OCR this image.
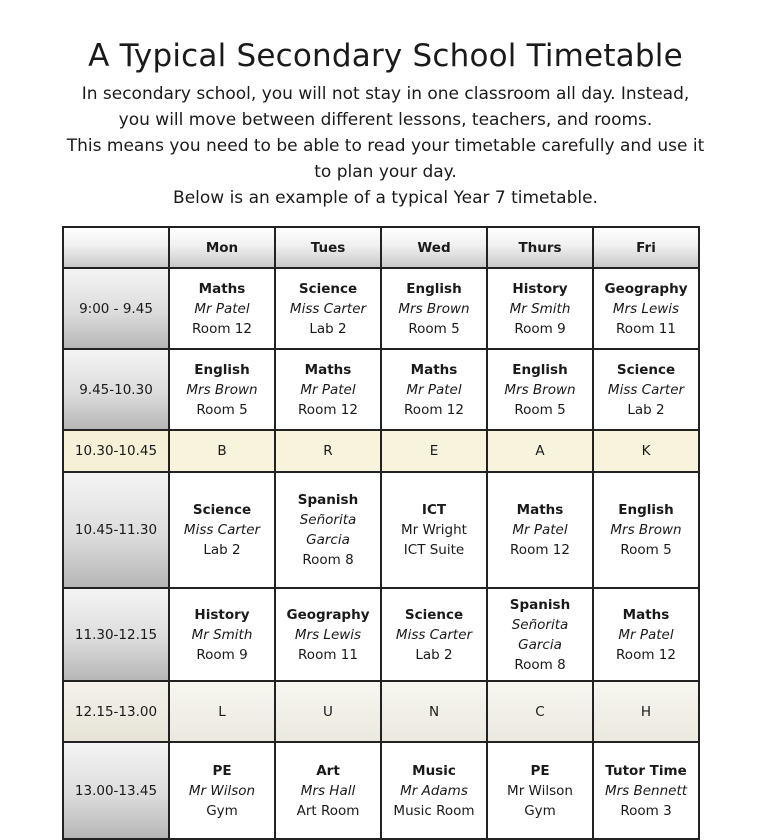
A Typical Secondary School Timetable

In secondary school, you will not stay in one classroom all day. Instead, you will move between different lessons, teachers, and rooms.

This means you need to be able to read your timetable carefully and use it to plan your day.

Below is an example of a typical Year 7 timetable.

	Mon	Tues	Wed	Thurs	Fri
9:00 - 9.45	Maths
Mr Patel
Room 12	Science
Miss Carter
Lab 2	English
Mrs Brown
Room 5	History
Mr Smith
Room 9	Geography
Mrs Lewis
Room 11

9.45-10.30	English
Mrs Brown
Room 5	Maths
Mr Patel
Room 12	Maths
Mr Patel
Room 12	English
Mrs Brown
Room 5	Science
Miss Carter
Lab 2

10.30-10.45	B	R	E	A	K
10.45-11.30	Science
Miss Carter
Lab 2	Spanish
Señorita Garcia
Room 8	ICT
Mr Wright
ICT Suite	Maths
Mr Patel
Room 12	English
Mrs Brown
Room 5

11.30-12.15	History
Mr Smith
Room 9	Geography
Mrs Lewis
Room 11	Science
Miss Carter
Lab 2	Spanish
Señorita Garcia
Room 8	Maths
Mr Patel
Room 12

12.15-13.00	L	U	N	C	H
13.00-13.45	PE
Mr Wilson
Gym	Art
Mrs Hall
Art Room	Music
Mr Adams
Music Room	PE
Mr Wilson
Gym	Tutor Time
Mrs Bennett
Room 3
